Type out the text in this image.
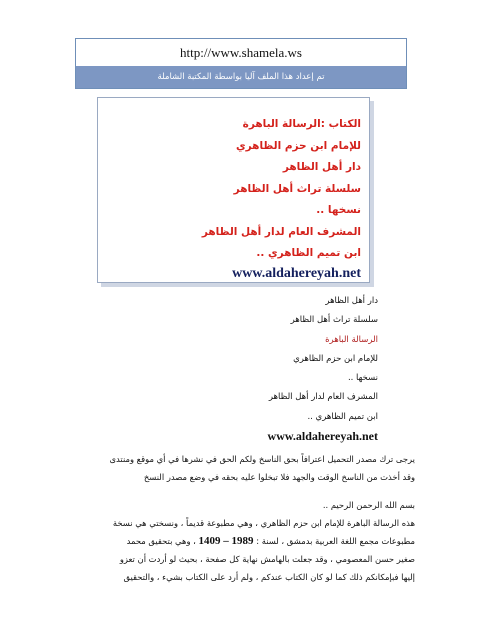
http://www.shamela.ws
تم إعداد هذا الملف آليا بواسطة المكتبة الشاملة
الكتاب :الرسالة الباهرة
للإمام ابن حزم الظاهري
دار أهل الظاهر
سلسلة تراث أهل الظاهر
نسخها ..
المشرف العام لدار أهل الظاهر
ابن تميم الظاهري ..
www.aldahereyah.net
دار أهل الظاهر
سلسلة تراث أهل الظاهر
الرسالة الباهرة
للإمام ابن حزم الظاهري
نسخها ..
المشرف العام لدار أهل الظاهر
ابن تميم الظاهري ..
www.aldahereyah.net
يرجى ترك مصدر التحميل اعترافاً بحق الناسخ ولكم الحق في نشرها في أي موقع ومنتدى
وقد أخذت من الناسخ الوقت والجهد فلا تبخلوا عليه بحقه في وضع مصدر النسخ
بسم الله الرحمن الرحيم ..
هذه الرسالة الباهرة للإمام ابن حزم الظاهري ، وهي مطبوعة قديماً ، ونسختي هي نسخة
مطبوعات مجمع اللغة العربية بدمشق ، لسنة : 1989 – 1409 ، وهي بتحقيق محمد
صغير حسن المعصومي ، وقد جعلت بالهامش نهاية كل صفحة ، بحيث لو أردت أن تعزو
إليها فبإمكانكم ذلك كما لو كان الكتاب عندكم ، ولم أرد على الكتاب بشيء ، والتحقيق
